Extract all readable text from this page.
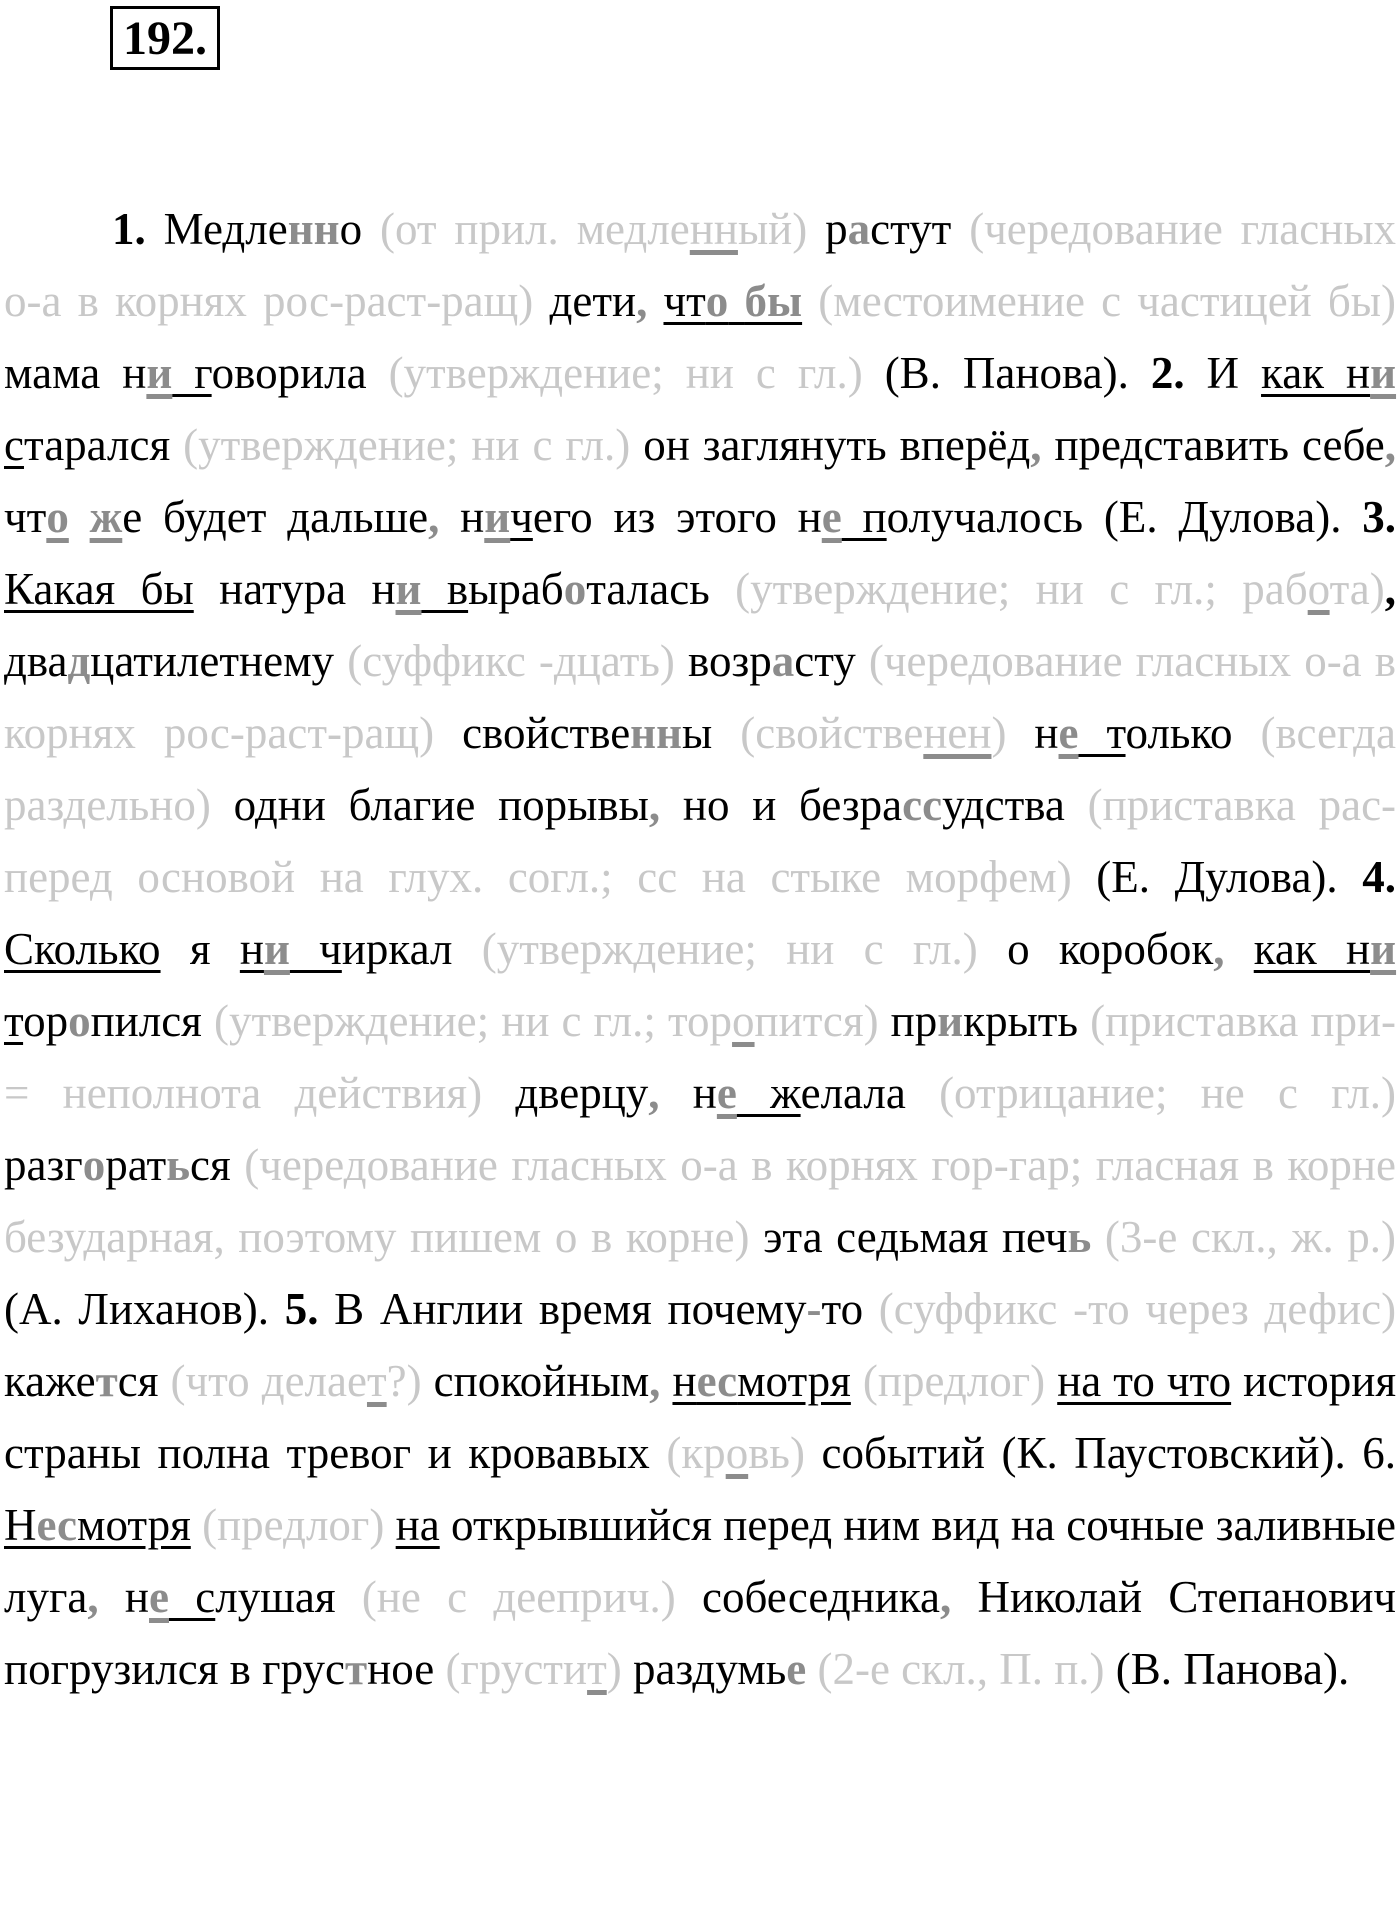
192.

1. Медленно (от прил. медленный) растут (чередование гласных о-а в корнях рос-раст-ращ) дети, что бы (местоимение с частицей бы) мама ни говорила (утверждение; ни с гл.) (В. Панова). 2. И как ни старался (утверждение; ни с гл.) он заглянуть вперёд, представить себе, что же будет дальше, ничего из этого не получалось (Е. Дулова). 3. Какая бы натура ни выработалась (утверждение; ни с гл.; работа), двадцатилетнему (суффикс -дцать) возрасту (чередование гласных о-а в корнях рос-раст-ращ) свойственны (свойственен) не только (всегда раздельно) одни благие порывы, но и безрассудства (приставка рас- перед основой на глух. согл.; сс на стыке морфем) (Е. Дулова). 4. Сколько я ни чиркал (утверждение; ни с гл.) о коробок, как ни торопился (утверждение; ни с гл.; торопится) прикрыть (приставка при- = неполнота действия) дверцу, не желала (отрицание; не с гл.) разгораться (чередование гласных о-а в корнях гор-гар; гласная в корне безударная, поэтому пишем о в корне) эта седьмая печь (3-е скл., ж. р.) (А. Лиханов). 5. В Англии время почему-то (суффикс -то через дефис) кажется (что делает?) спокойным, несмотря (предлог) на то что история страны полна тревог и кровавых (кровь) событий (К. Паустовский). 6. Несмотря (предлог) на открывшийся перед ним вид на сочные заливные луга, не слушая (не с дееприч.) собеседника, Николай Степанович погрузился в грустное (грустит) раздумье (2-е скл., П. п.) (В. Панова).
